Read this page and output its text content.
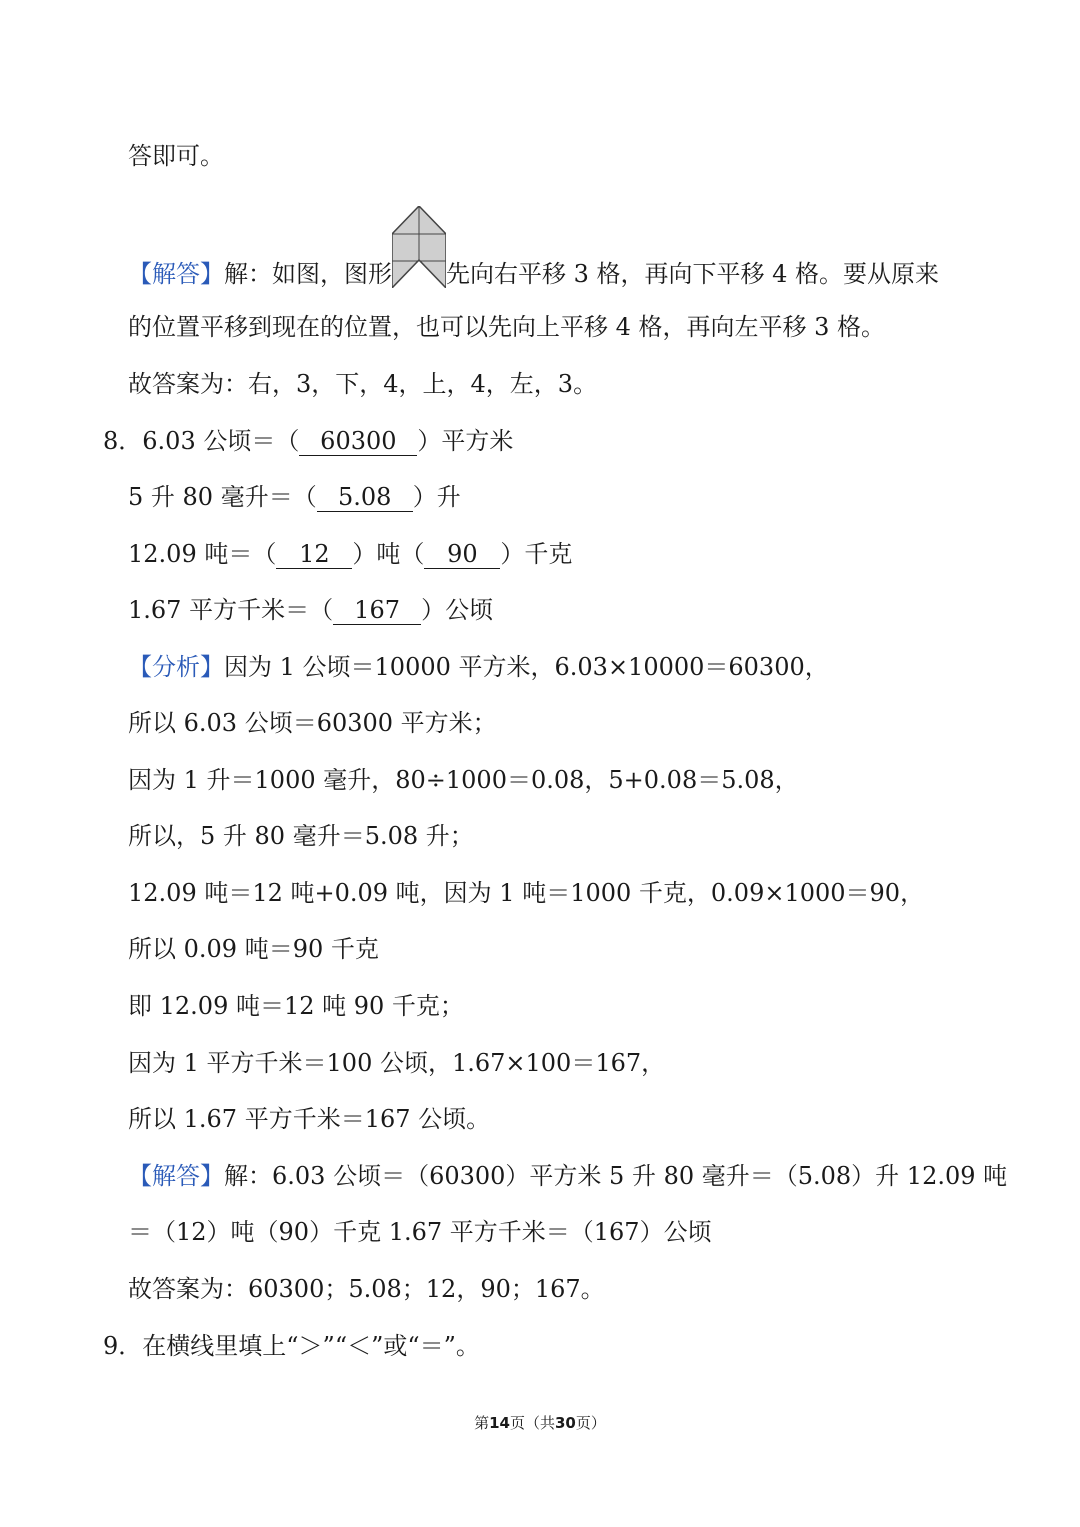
答即可。
【解答】解：如图，图形 先向右平移 3 格，再向下平移 4 格。要从原来
的位置平移到现在的位置，也可以先向上平移 4 格，再向左平移 3 格。
故答案为：右，3，下，4，上，4，左，3。
8．6.03 公顷＝（ 60300 ）平方米
5 升 80 毫升＝（ 5.08 ）升
12.09 吨＝（ 12 ）吨（ 90 ）千克
1.67 平方千米＝（ 167 ）公顷
【分析】因为 1 公顷＝10000 平方米，6.03×10000＝60300，
所以 6.03 公顷＝60300 平方米；
因为 1 升＝1000 毫升，80÷1000＝0.08，5+0.08＝5.08，
所以，5 升 80 毫升＝5.08 升；
12.09 吨＝12 吨+0.09 吨，因为 1 吨＝1000 千克，0.09×1000＝90，
所以 0.09 吨＝90 千克
即 12.09 吨＝12 吨 90 千克；
因为 1 平方千米＝100 公顷，1.67×100＝167，
所以 1.67 平方千米＝167 公顷。
【解答】解：6.03 公顷＝（60300）平方米 5 升 80 毫升＝（5.08）升 12.09 吨
＝（12）吨（90）千克 1.67 平方千米＝（167）公顷
故答案为：60300；5.08；12，90；167。
9．在横线里填上“＞”“＜”或“＝”。
第14页（共30页）
